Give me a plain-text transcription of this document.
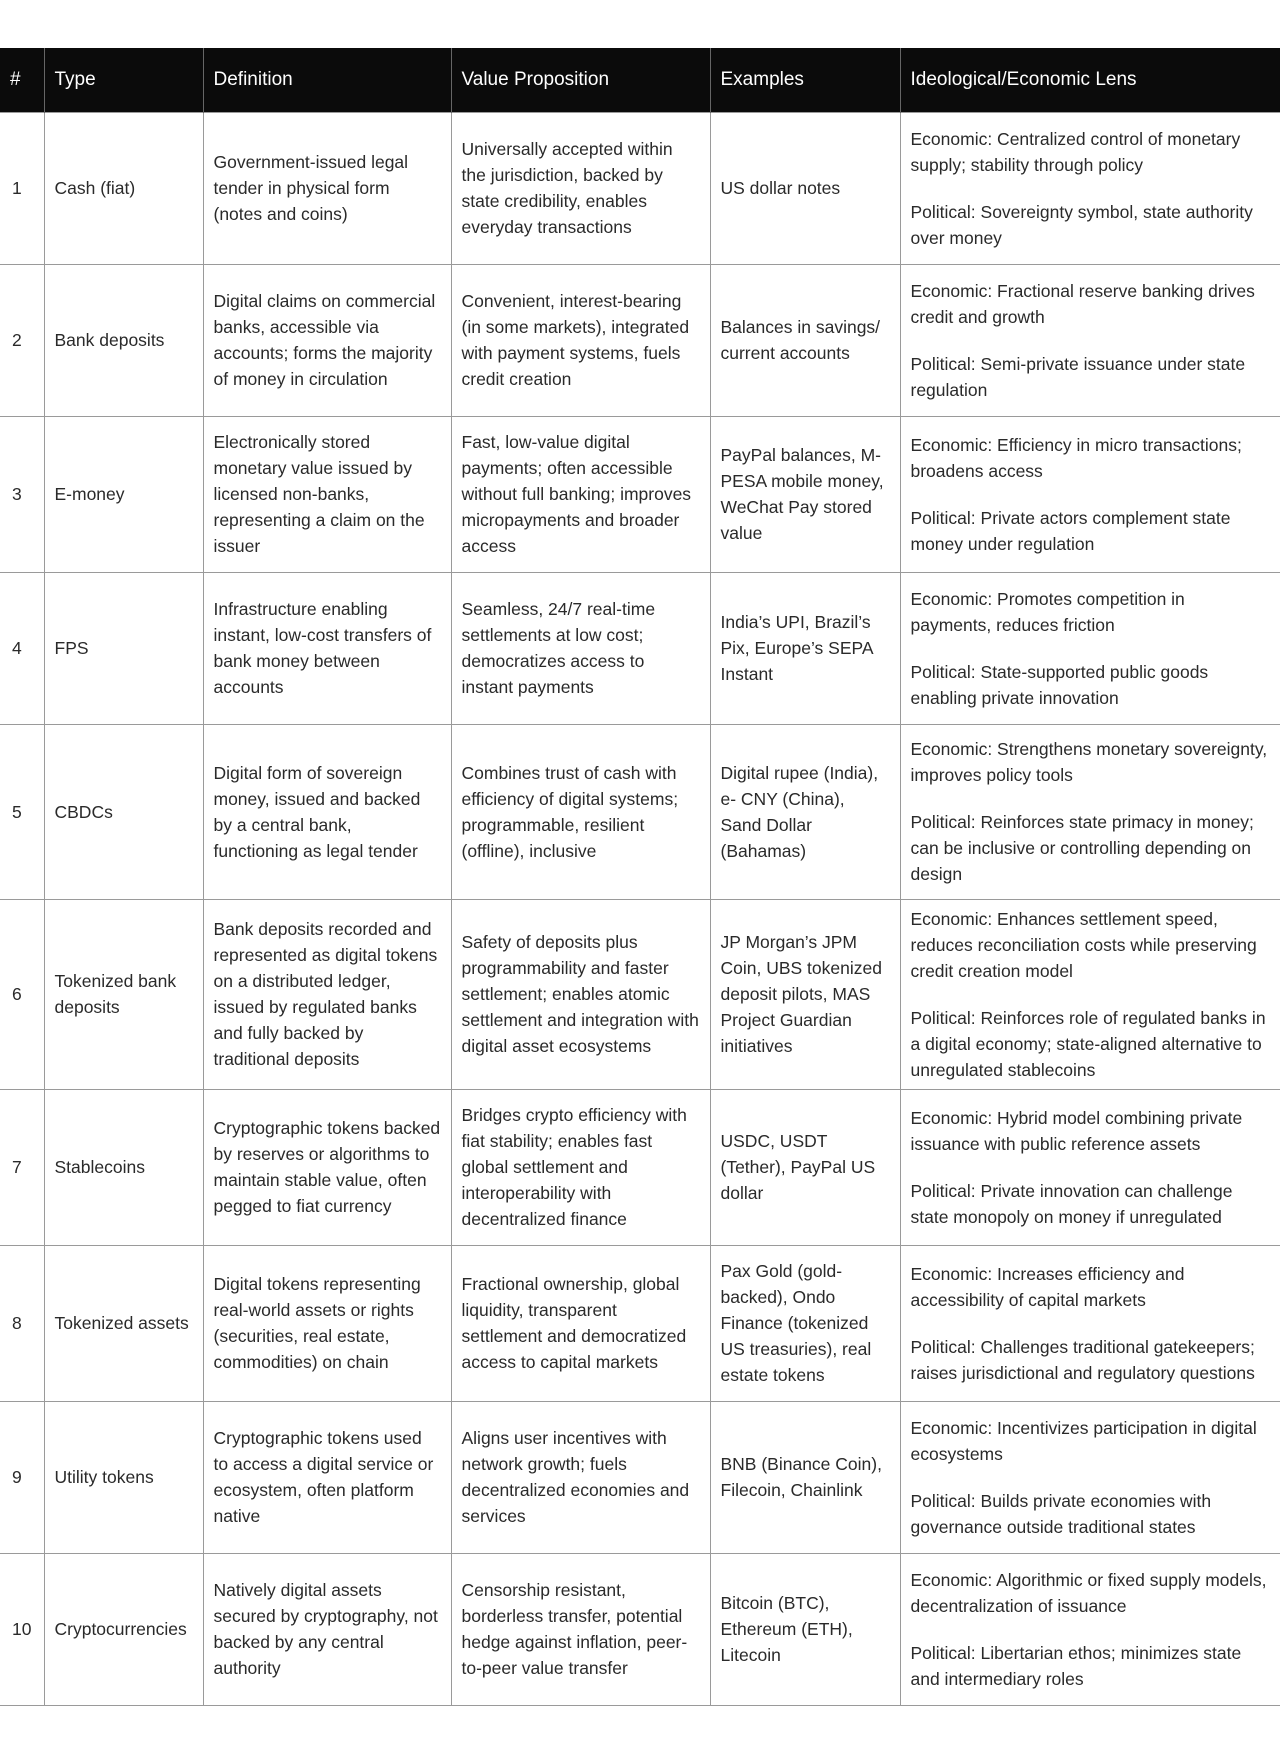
#	Type	Definition	Value Proposition	Examples	Ideological/Economic Lens
1	Cash (fiat)	Government-issued legal tender in physical form (notes and coins)	Universally accepted within the jurisdiction, backed by state credibility, enables everyday transactions	US dollar notes	Economic: Centralized control of monetary supply; stability through policy

Political: Sovereignty symbol, state authority over money

2	Bank deposits	Digital claims on commercial banks, accessible via accounts; forms the majority of money in circulation	Convenient, interest-bearing (in some markets), integrated with payment systems, fuels credit creation	Balances in savings/ current accounts	Economic: Fractional reserve banking drives credit and growth

Political: Semi-private issuance under state regulation

3	E-money	Electronically stored monetary value issued by licensed non-banks, representing a claim on the issuer	Fast, low-value digital payments; often accessible without full banking; improves micropayments and broader access	PayPal balances, M-PESA mobile money, WeChat Pay stored value	Economic: Efficiency in micro transactions; broadens access

Political: Private actors complement state money under regulation

4	FPS	Infrastructure enabling instant, low-cost transfers of bank money between accounts	Seamless, 24/7 real-time settlements at low cost; democratizes access to instant payments	India’s UPI, Brazil’s Pix, Europe’s SEPA Instant	Economic: Promotes competition in payments, reduces friction

Political: State-supported public goods enabling private innovation

5	CBDCs	Digital form of sovereign money, issued and backed by a central bank, functioning as legal tender	Combines trust of cash with efficiency of digital systems; programmable, resilient (offline), inclusive	Digital rupee (India), e- CNY (China), Sand Dollar (Bahamas)	Economic: Strengthens monetary sovereignty, improves policy tools

Political: Reinforces state primacy in money; can be inclusive or controlling depending on design

6	Tokenized bank deposits	Bank deposits recorded and represented as digital tokens on a distributed ledger, issued by regulated banks and fully backed by traditional deposits	Safety of deposits plus programmability and faster settlement; enables atomic settlement and integration with digital asset ecosystems	JP Morgan’s JPM Coin, UBS tokenized deposit pilots, MAS Project Guardian initiatives	Economic: Enhances settlement speed, reduces reconciliation costs while preserving credit creation model

Political: Reinforces role of regulated banks in a digital economy; state-aligned alternative to unregulated stablecoins

7	Stablecoins	Cryptographic tokens backed by reserves or algorithms to maintain stable value, often pegged to fiat currency	Bridges crypto efficiency with fiat stability; enables fast global settlement and interoperability with decentralized finance	USDC, USDT (Tether), PayPal US dollar	Economic: Hybrid model combining private issuance with public reference assets

Political: Private innovation can challenge state monopoly on money if unregulated

8	Tokenized assets	Digital tokens representing real-world assets or rights (securities, real estate, commodities) on chain	Fractional ownership, global liquidity, transparent settlement and democratized access to capital markets	Pax Gold (gold-backed), Ondo Finance (tokenized US treasuries), real estate tokens	Economic: Increases efficiency and accessibility of capital markets

Political: Challenges traditional gatekeepers; raises jurisdictional and regulatory questions

9	Utility tokens	Cryptographic tokens used to access a digital service or ecosystem, often platform native	Aligns user incentives with network growth; fuels decentralized economies and services	BNB (Binance Coin), Filecoin, Chainlink	Economic: Incentivizes participation in digital ecosystems

Political: Builds private economies with governance outside traditional states

10	Cryptocurrencies	Natively digital assets secured by cryptography, not backed by any central authority	Censorship resistant, borderless transfer, potential hedge against inflation, peer-to-peer value transfer	Bitcoin (BTC), Ethereum (ETH), Litecoin	Economic: Algorithmic or fixed supply models, decentralization of issuance

Political: Libertarian ethos; minimizes state and intermediary roles
